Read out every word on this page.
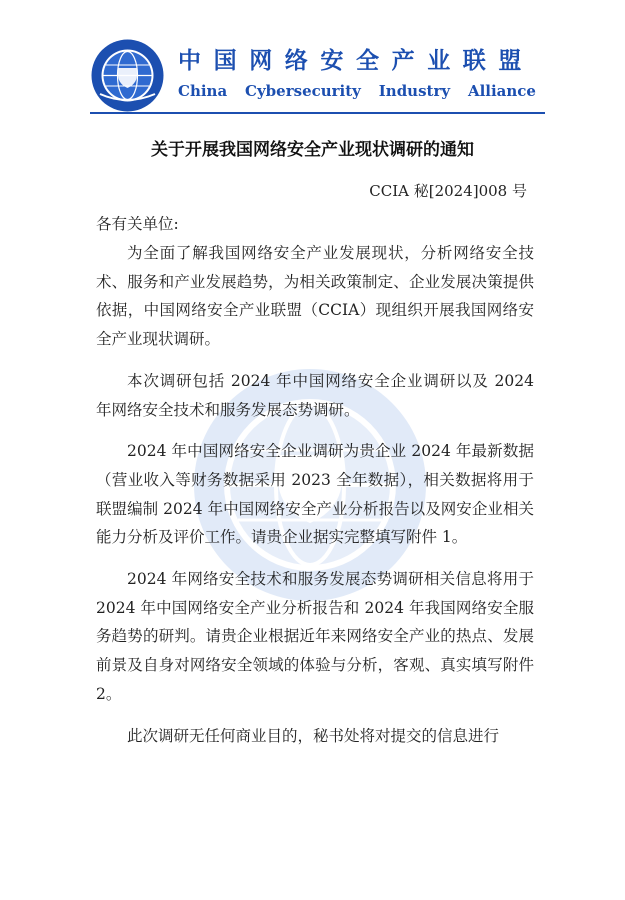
中国网络安全产业联盟
China Cybersecurity Industry Alliance
关于开展我国网络安全产业现状调研的通知
CCIA 秘[2024]008 号
各有关单位:

为全面了解我国网络安全产业发展现状，分析网络安全技术、服务和产业发展趋势，为相关政策制定、企业发展决策提供依据，中国网络安全产业联盟（CCIA）现组织开展我国网络安全产业现状调研。

本次调研包括 2024 年中国网络安全企业调研以及 2024 年网络安全技术和服务发展态势调研。

2024 年中国网络安全企业调研为贵企业 2024 年最新数据（营业收入等财务数据采用 2023 全年数据），相关数据将用于联盟编制 2024 年中国网络安全产业分析报告以及网安企业相关能力分析及评价工作。请贵企业据实完整填写附件 1。

2024 年网络安全技术和服务发展态势调研相关信息将用于 2024 年中国网络安全产业分析报告和 2024 年我国网络安全服务趋势的研判。请贵企业根据近年来网络安全产业的热点、发展前景及自身对网络安全领域的体验与分析，客观、真实填写附件 2。

此次调研无任何商业目的，秘书处将对提交的信息进行
